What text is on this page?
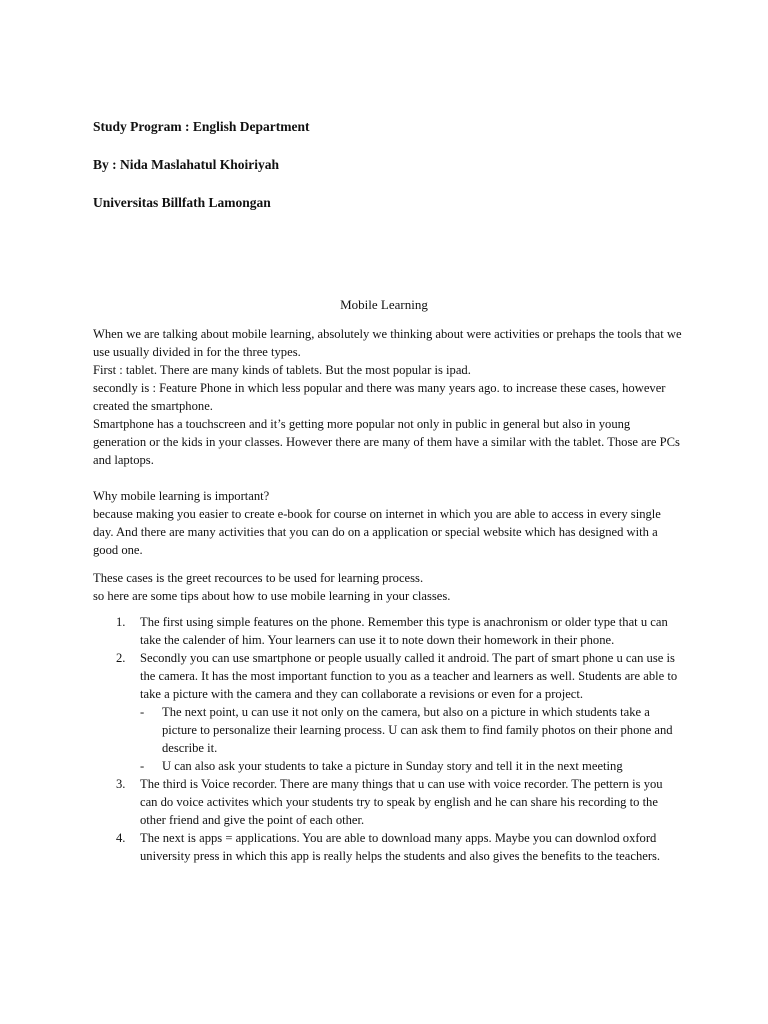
Study Program : English Department
By : Nida Maslahatul Khoiriyah
Universitas Billfath Lamongan
Mobile Learning

When we are talking about mobile learning, absolutely we thinking about were activities or prehaps the tools that we use usually divided in for the three types.

First : tablet. There are many kinds of tablets. But the most popular is ipad.

secondly is : Feature Phone in which less popular and there was many years ago. to increase these cases, however created the smartphone.

Smartphone has a touchscreen and it’s getting more popular not only in public in general but also in young generation or the kids in your classes. However there are many of them have a similar with the tablet. Those are PCs and laptops.

Why mobile learning is important?

because making you easier to create e-book for course on internet in which you are able to access in every single day. And there are many activities that you can do on a application or special website which has designed with a good one.

These cases is the greet recources to be used for learning process.

so here are some tips about how to use mobile learning in your classes.

1. The first using simple features on the phone. Remember this type is anachronism or older type that u can take the calender of him. Your learners can use it to note down their homework in their phone.
2. Secondly you can use smartphone or people usually called it android. The part of smart phone u can use is the camera. It has the most important function to you as a teacher and learners as well. Students are able to take a picture with the camera and they can collaborate a revisions or even for a project.
- The next point, u can use it not only on the camera, but also on a picture in which students take a picture to personalize their learning process. U can ask them to find family photos on their phone and describe it.
- U can also ask your students to take a picture in Sunday story and tell it in the next meeting
3. The third is Voice recorder. There are many things that u can use with voice recorder. The pettern is you can do voice activites which your students try to speak by english and he can share his recording to the other friend and give the point of each other.
4. The next is apps = applications. You are able to download many apps. Maybe you can downlod oxford university press in which this app is really helps the students and also gives the benefits to the teachers.
